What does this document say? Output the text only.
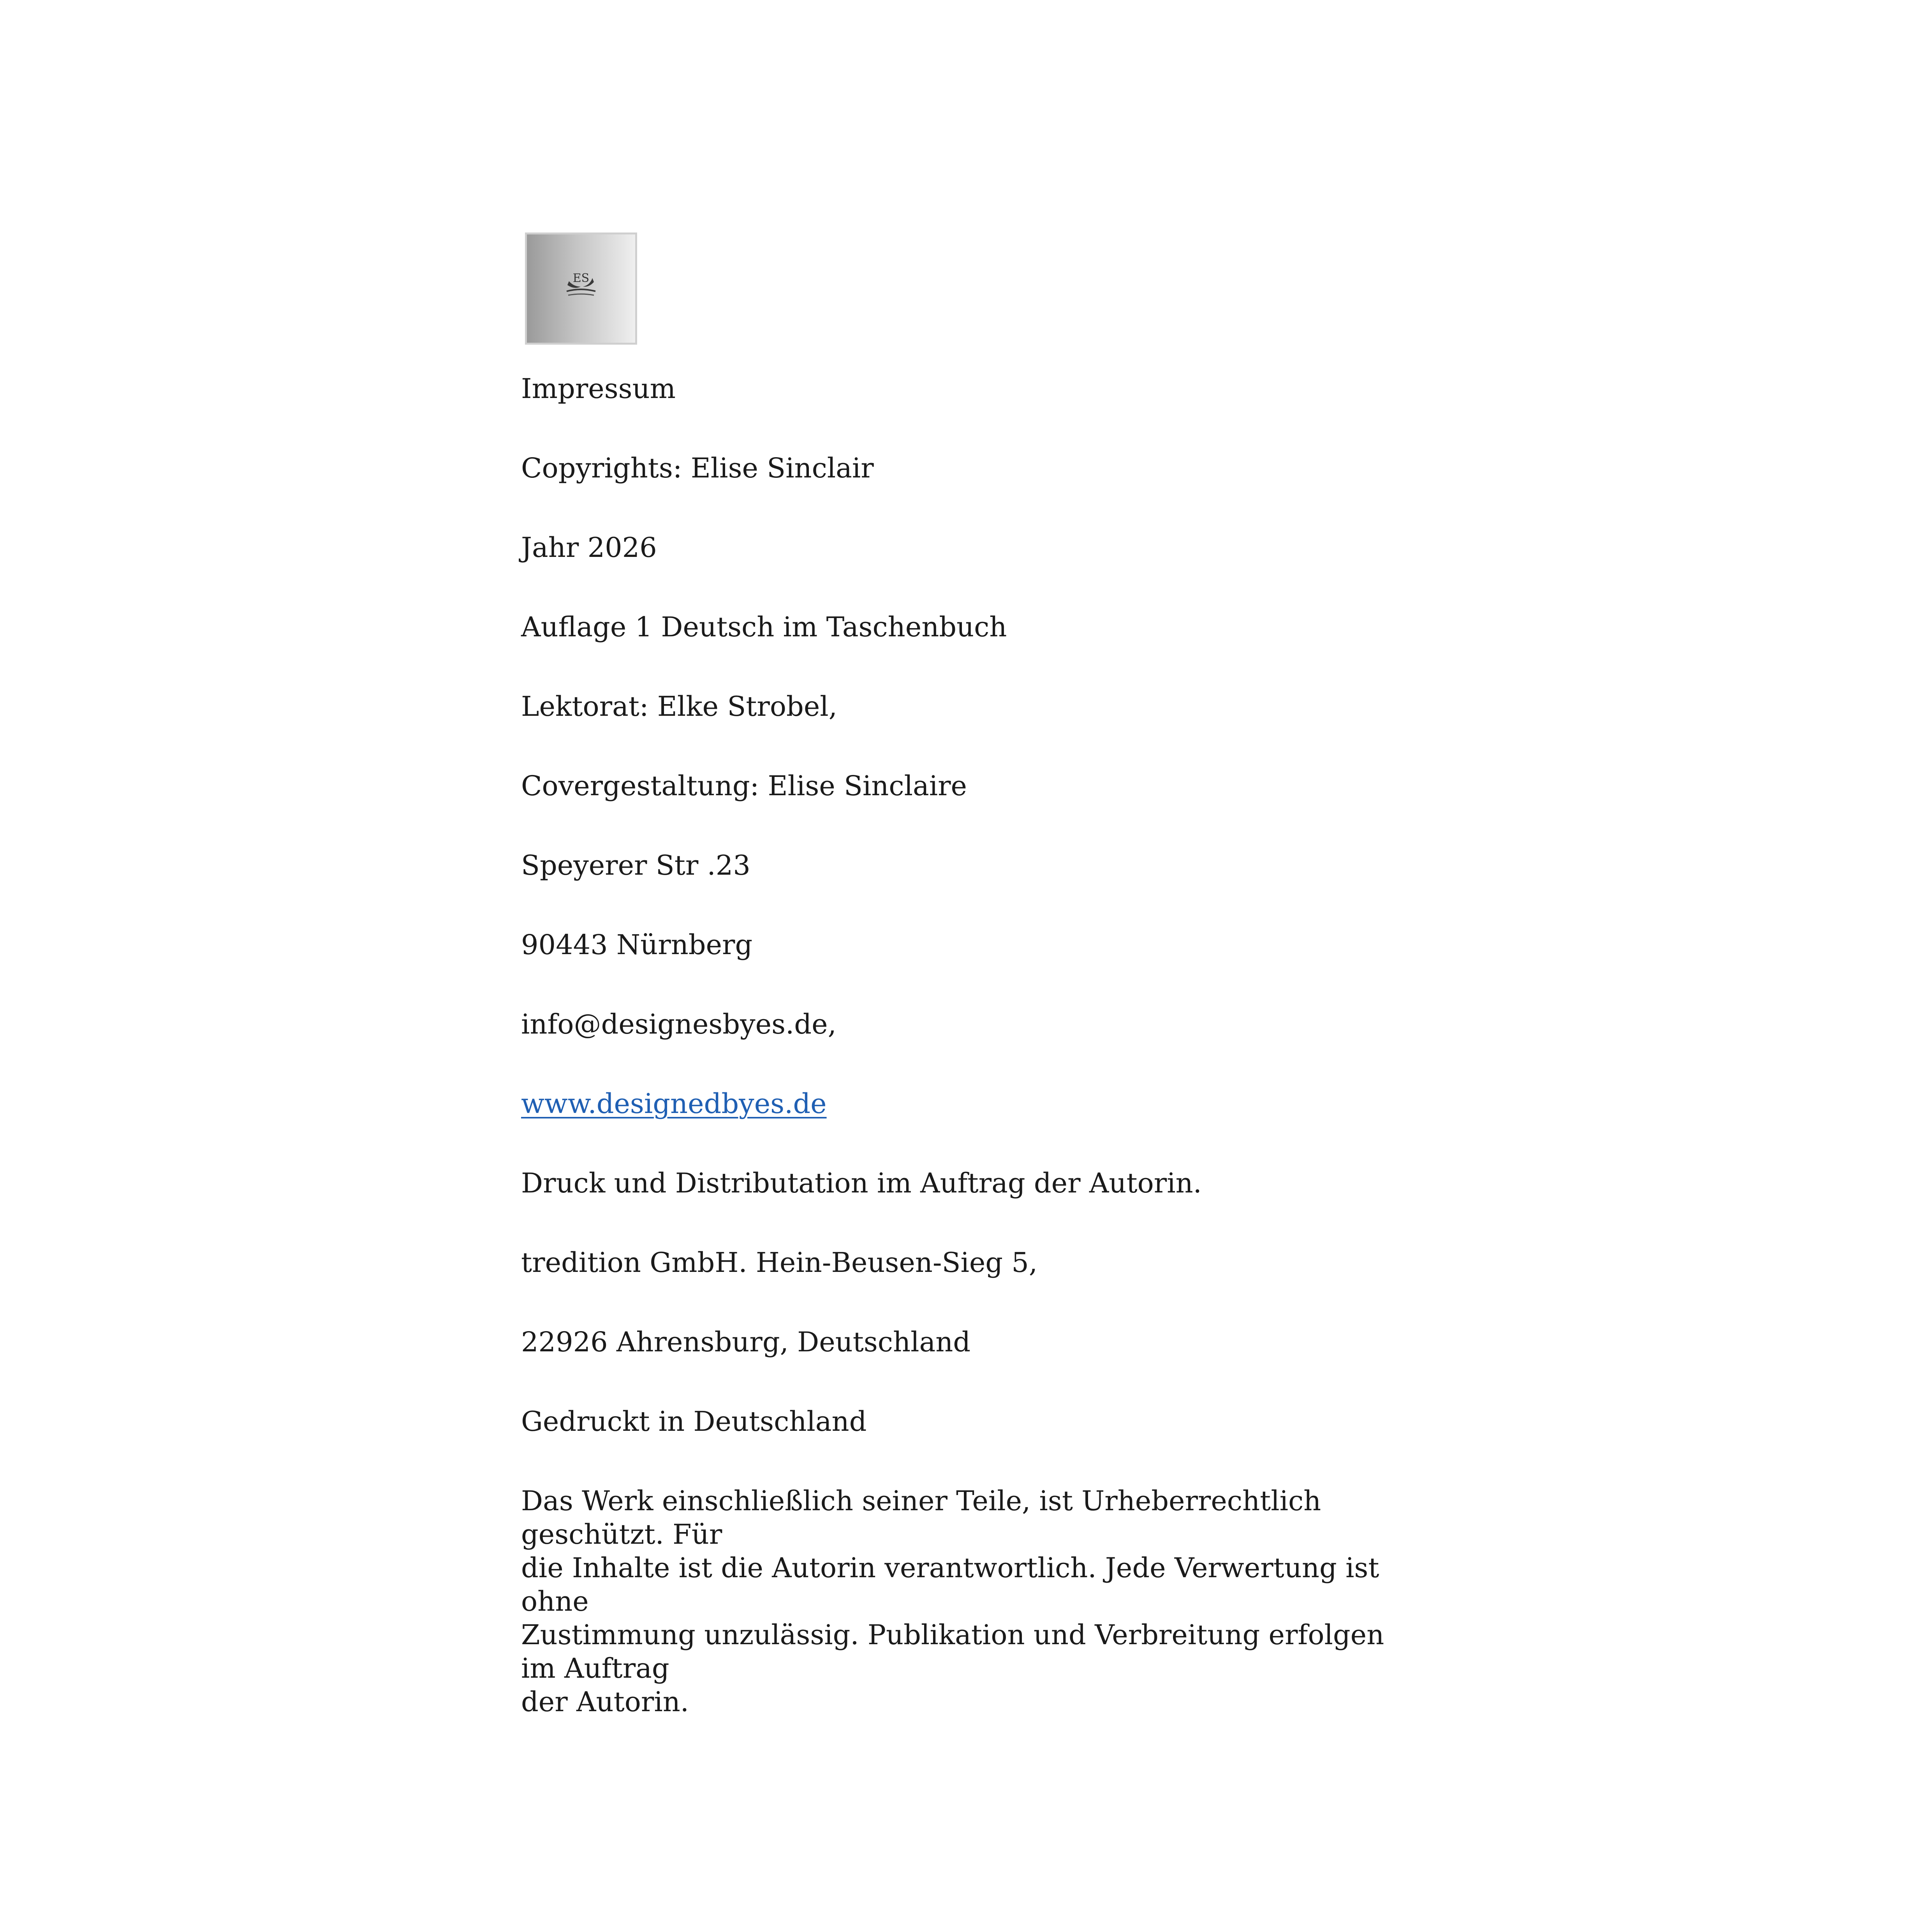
ES

Impressum

Copyrights: Elise Sinclair

Jahr 2026

Auflage 1 Deutsch im Taschenbuch

Lektorat: Elke Strobel,

Covergestaltung: Elise Sinclaire

Speyerer Str .23

90443 Nürnberg

info@designesbyes.de,

www.designedbyes.de

Druck und Distributation im Auftrag der Autorin.

tredition GmbH. Hein-Beusen-Sieg 5,

22926 Ahrensburg, Deutschland

Gedruckt in Deutschland

Das Werk einschließlich seiner Teile, ist Urheberrechtlich geschützt. Für
die Inhalte ist die Autorin verantwortlich. Jede Verwertung ist ohne
Zustimmung unzulässig. Publikation und Verbreitung erfolgen im Auftrag
der Autorin.
